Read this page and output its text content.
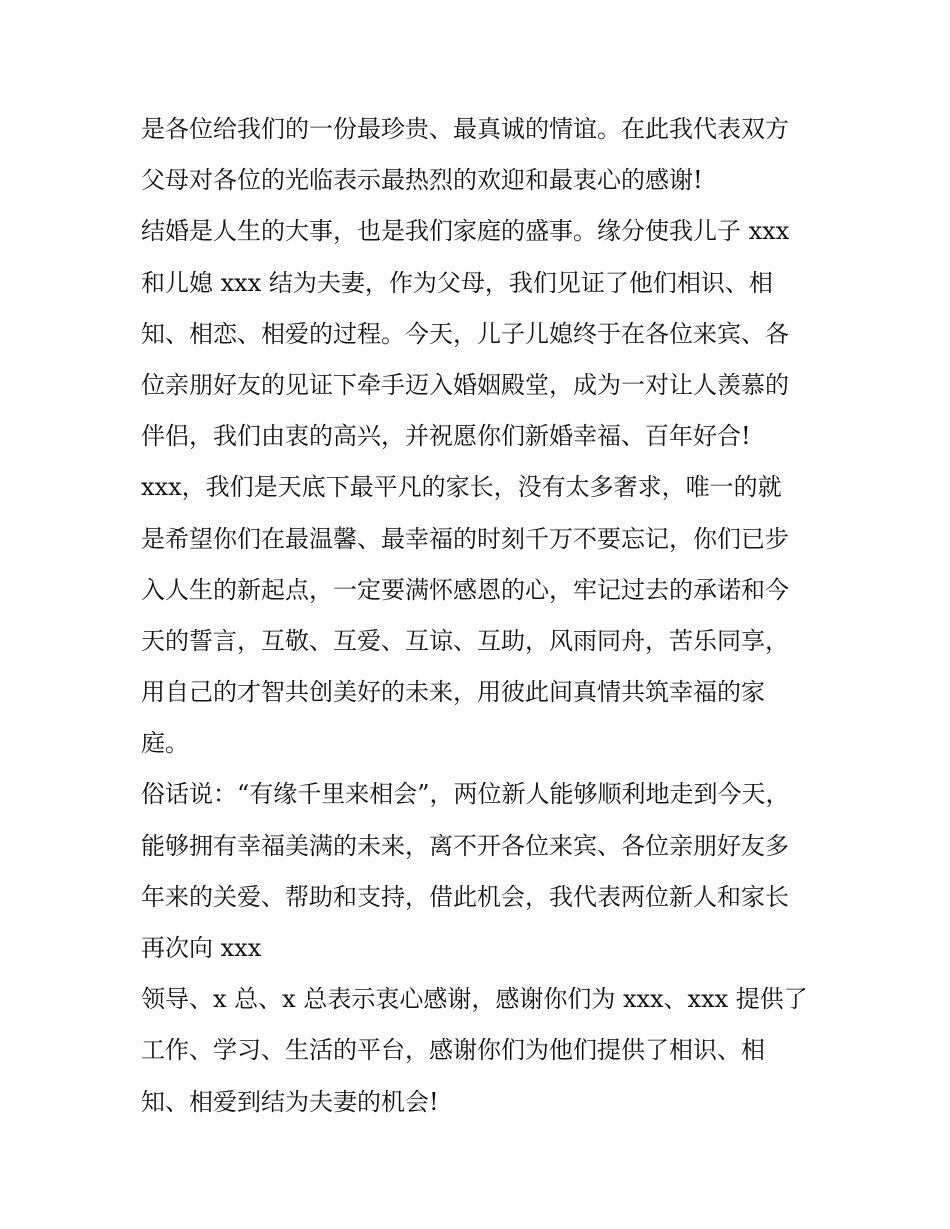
是各位给我们的一份最珍贵、最真诚的情谊。在此我代表双方
父母对各位的光临表示最热烈的欢迎和最衷心的感谢!
结婚是人生的大事，也是我们家庭的盛事。缘分使我儿子 xxx
和儿媳 xxx 结为夫妻，作为父母，我们见证了他们相识、相
知、相恋、相爱的过程。今天，儿子儿媳终于在各位来宾、各
位亲朋好友的见证下牵手迈入婚姻殿堂，成为一对让人羡慕的
伴侣，我们由衷的高兴，并祝愿你们新婚幸福、百年好合!
xxx，我们是天底下最平凡的家长，没有太多奢求，唯一的就
是希望你们在最温馨、最幸福的时刻千万不要忘记，你们已步
入人生的新起点，一定要满怀感恩的心，牢记过去的承诺和今
天的誓言，互敬、互爱、互谅、互助，风雨同舟，苦乐同享，
用自己的才智共创美好的未来，用彼此间真情共筑幸福的家
庭。
俗话说：“有缘千里来相会”，两位新人能够顺利地走到今天，
能够拥有幸福美满的未来，离不开各位来宾、各位亲朋好友多
年来的关爱、帮助和支持，借此机会，我代表两位新人和家长
再次向 xxx
领导、x 总、x 总表示衷心感谢，感谢你们为 xxx、xxx 提供了
工作、学习、生活的平台，感谢你们为他们提供了相识、相
知、相爱到结为夫妻的机会!
